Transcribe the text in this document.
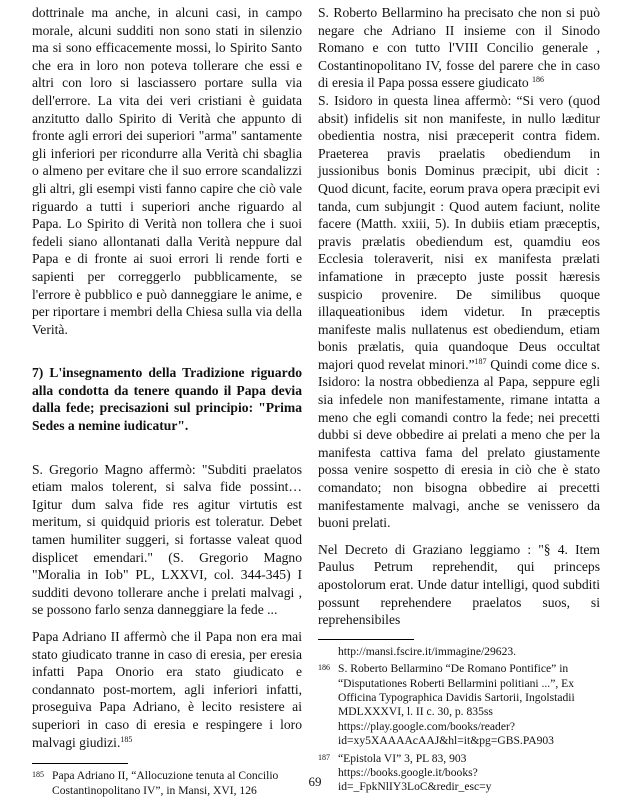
dottrinale ma anche, in alcuni casi, in campo morale, alcuni sudditi non sono stati in silenzio ma si sono efficacemente mossi, lo Spirito Santo che era in loro non poteva tollerare che essi e altri con loro si lasciassero portare sulla via dell'errore. La vita dei veri cristiani è guidata anzitutto dallo Spirito di Verità che appunto di fronte agli errori dei superiori "arma" santamente gli inferiori per ricondurre alla Verità chi sbaglia o almeno per evitare che il suo errore scandalizzi gli altri, gli esempi visti fanno capire che ciò vale riguardo a tutti i superiori anche riguardo al Papa. Lo Spirito di Verità non tollera che i suoi fedeli siano allontanati dalla Verità neppure dal Papa e di fronte ai suoi errori li rende forti e sapienti per correggerlo pubblicamente, se l'errore è pubblico e può danneggiare le anime, e per riportare i membri della Chiesa sulla via della Verità.

7) L'insegnamento della Tradizione riguardo alla condotta da tenere quando il Papa devia dalla fede; precisazioni sul principio: "Prima Sedes a nemine iudicatur".

S. Gregorio Magno affermò: "Subditi praelatos etiam malos tolerent, si salva fide possint… Igitur dum salva fide res agitur virtutis est meritum, si quidquid prioris est toleratur. Debet tamen humiliter suggeri, si fortasse valeat quod displicet emendari." (S. Gregorio Magno "Moralia in Iob" PL, LXXVI, col. 344-345) I sudditi devono tollerare anche i prelati malvagi , se possono farlo senza danneggiare la fede ...

Papa Adriano II affermò che il Papa non era mai stato giudicato tranne in caso di eresia, per eresia infatti Papa Onorio era stato giudicato e condannato post-mortem, agli inferiori infatti, proseguiva Papa Adriano, è lecito resistere ai superiori in caso di eresia e respingere i loro malvagi giudizi.$^{185}$

185 Papa Adriano II, “Allocuzione tenuta al Concilio Costantinopolitano IV”, in Mansi, XVI, 126

S. Roberto Bellarmino ha precisato che non si può negare che Adriano II insieme con il Sinodo Romano e con tutto l'VIII Concilio generale , Costantinopolitano IV, fosse del parere che in caso di eresia il Papa possa essere giudicato $^{186}$

S. Isidoro in questa linea affermò: “Si vero (quod absit) infidelis sit non manifeste, in nullo læditur obedientia nostra, nisi præceperit contra fidem. Praeterea pravis praelatis obediendum in jussionibus bonis Dominus præcipit, ubi dicit : Quod dicunt, facite, eorum prava opera præcipit evi tanda, cum subjungit : Quod autem faciunt, nolite facere (Matth. xxiii, 5). In dubiis etiam præceptis, pravis prælatis obediendum est, quamdiu eos Ecclesia toleraverit, nisi ex manifesta prælati infamatione in præcepto juste possit hæresis suspicio provenire. De similibus quoque illaqueationibus idem videtur. In præceptis manifeste malis nullatenus est obediendum, etiam bonis prælatis, quia quandoque Deus occultat majori quod revelat minori.”$^{187}$ Quindi come dice s. Isidoro: la nostra obbedienza al Papa, seppure egli sia infedele non manifestamente, rimane intatta a meno che egli comandi contro la fede; nei precetti dubbi si deve obbedire ai prelati a meno che per la manifesta cattiva fama del prelato giustamente possa venire sospetto di eresia in ciò che è stato comandato; non bisogna obbedire ai precetti manifestamente malvagi, anche se venissero da buoni prelati.

Nel Decreto di Graziano leggiamo : "§ 4. Item Paulus Petrum reprehendit, qui princeps apostolorum erat. Unde datur intelligi, quod subditi possunt reprehendere praelatos suos, si reprehensibiles

http://mansi.fscire.it/immagine/29623.
186 S. Roberto Bellarmino “De Romano Pontifice” in “Disputationes Roberti Bellarmini politiani ...”, Ex Officina Typographica Davidis Sartorii, Ingolstadii MDLXXXVI, l. II c. 30, p. 835ss https://play.google.com/books/reader?id=xy5XAAAAcAAJ&hl=it&pg=GBS.PA903
187 “Epistola VI” 3, PL 83, 903 https://books.google.it/books?id=_FpkNlIY3LoC&redir_esc=y
69
